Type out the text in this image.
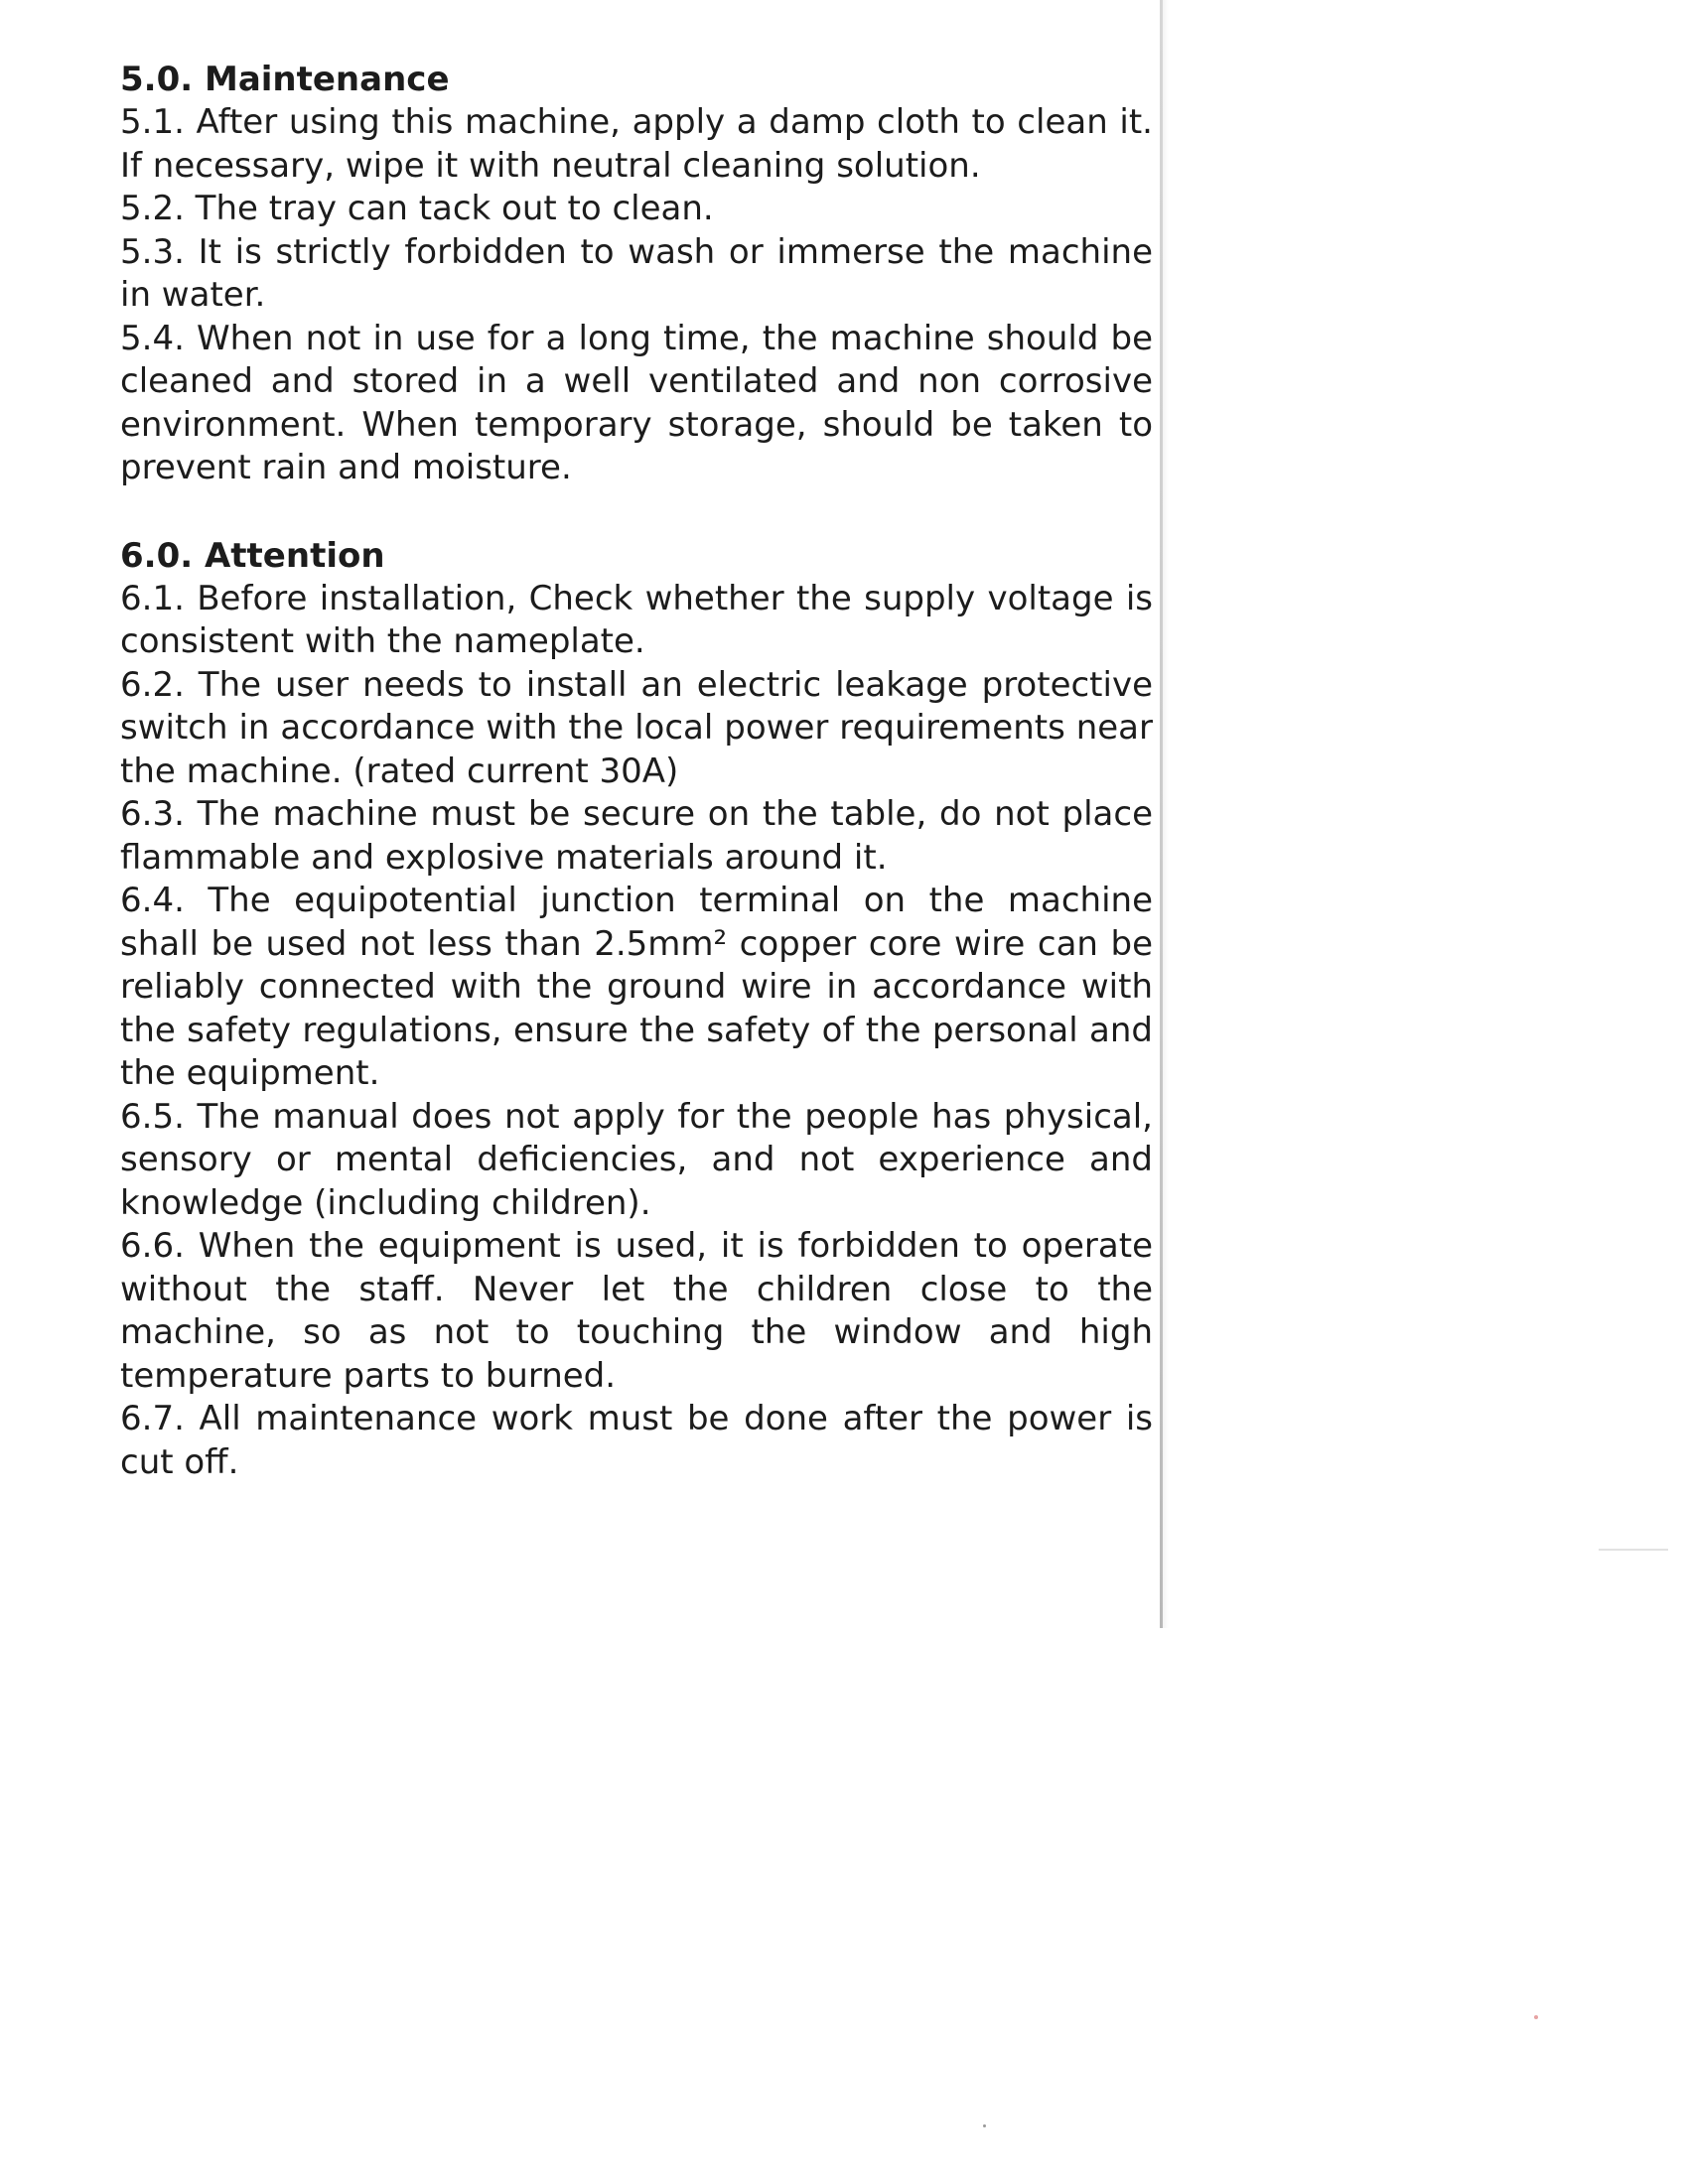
5.0. Maintenance

5.1. After using this machine, apply a damp cloth to clean it. If necessary, wipe it with neutral cleaning solution.

5.2. The tray can tack out to clean.

5.3. It is strictly forbidden to wash or immerse the machine in water.

5.4. When not in use for a long time, the machine should be cleaned and stored in a well ventilated and non corrosive environment. When temporary storage, should be taken to prevent rain and moisture.

6.0. Attention

6.1. Before installation, Check whether the supply voltage is consistent with the nameplate.

6.2. The user needs to install an electric leakage protective switch in accordance with the local power requirements near the machine. (rated current 30A)

6.3. The machine must be secure on the table, do not place flammable and explosive materials around it.

6.4. The equipotential junction terminal on the machine shall be used not less than 2.5mm² copper core wire can be reliably connected with the ground wire in accordance with the safety regulations, ensure the safety of the personal and the equipment.

6.5. The manual does not apply for the people has physical, sensory or mental deficiencies, and not experience and knowledge (including children).

6.6. When the equipment is used, it is forbidden to operate without the staff. Never let the children close to the machine, so as not to touching the window and high temperature parts to burned.

6.7. All maintenance work must be done after the power is cut off.
